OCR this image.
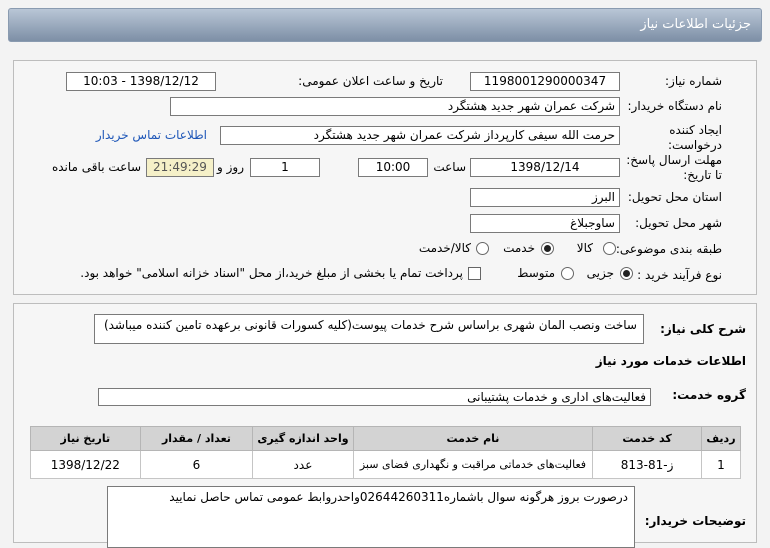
جزئیات اطلاعات نیاز
شماره نیاز:
1198001290000347
تاریخ و ساعت اعلان عمومی:
1398/12/12 - 10:03
نام دستگاه خریدار:
شرکت عمران شهر جدید هشتگرد
ایجاد کننده
درخواست:
حرمت الله سیفی کارپرداز شرکت عمران شهر جدید هشتگرد
اطلاعات تماس خریدار
مهلت ارسال پاسخ:
تا تاریخ:
1398/12/14
ساعت
10:00
1
روز و
21:49:29
ساعت باقی مانده
استان محل تحویل:
البرز
شهر محل تحویل:
ساوجبلاغ
طبقه بندی موضوعی:
کالا
خدمت
کالا/خدمت
نوع فرآیند خرید :
جزیی
متوسط
پرداخت تمام یا بخشی از مبلغ خرید،از محل "اسناد خزانه اسلامی" خواهد بود.
شرح کلی نیاز:
ساخت ونصب المان شهری براساس شرح خدمات پیوست(کلیه کسورات قانونی برعهده تامین کننده میباشد)
اطلاعات خدمات مورد نیاز
گروه خدمت:
فعالیت‌های اداری و خدمات پشتیبانی
ردیف	کد خدمت	نام خدمت	واحد اندازه گیری	تعداد / مقدار	تاریخ نیاز
1	ز-81-813	فعالیت‌های خدماتی مراقبت و نگهداری فضای سبز	عدد	6	1398/12/22
توضیحات خریدار:
درصورت بروز هرگونه سوال باشماره02644260311واحدروابط عمومی تماس حاصل نمایید
